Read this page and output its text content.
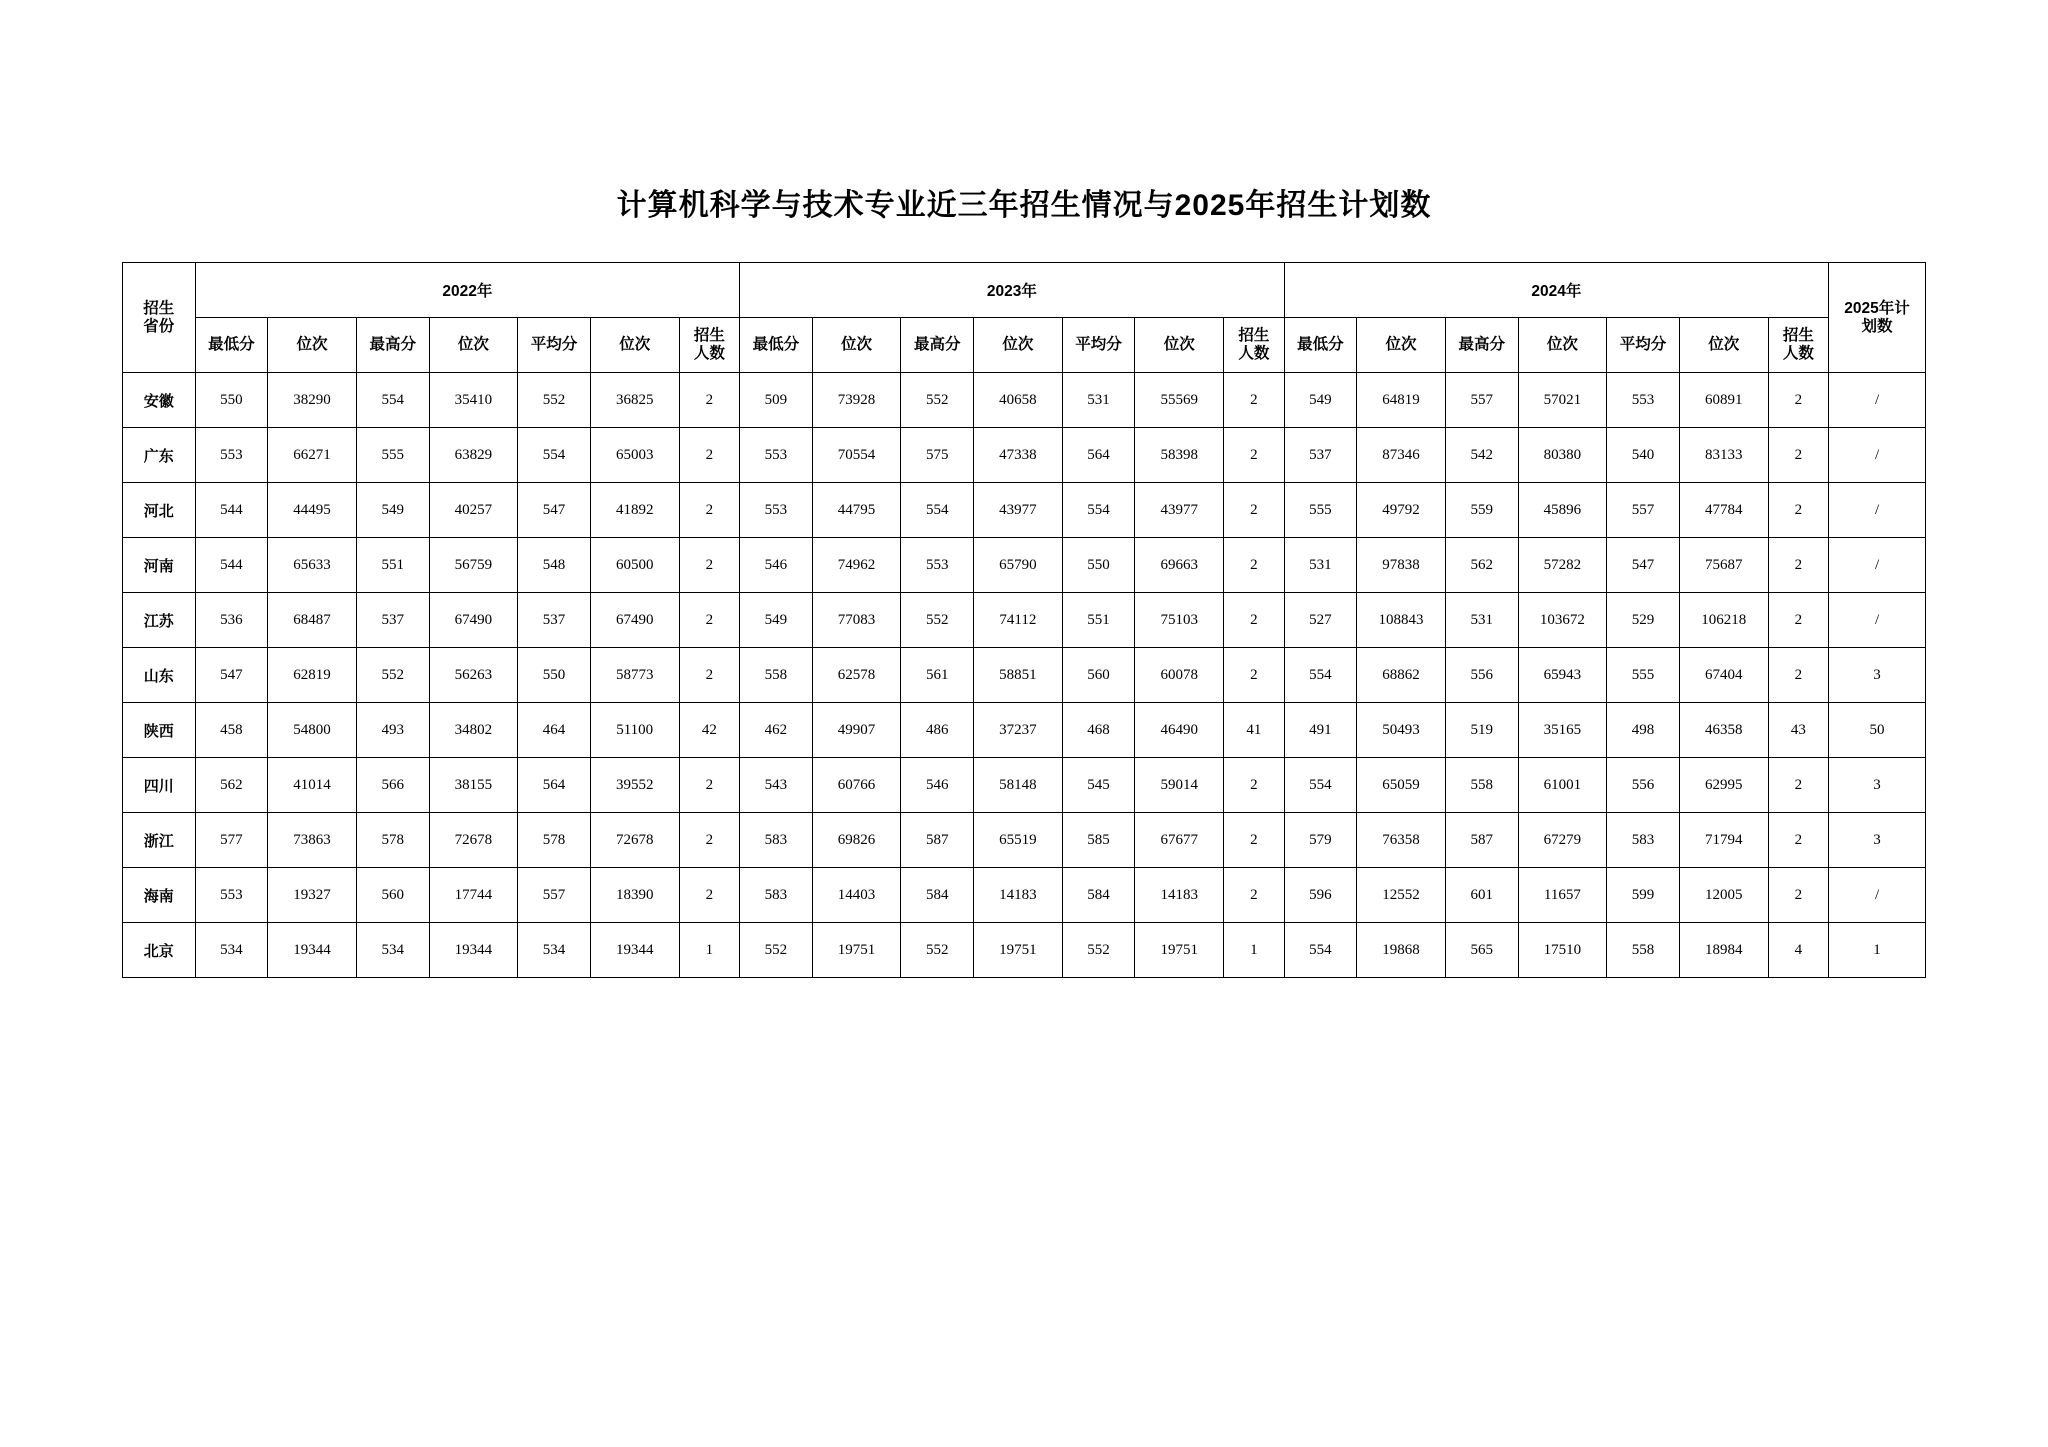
计算机科学与技术专业近三年招生情况与2025年招生计划数
招生
省份	2022年							2023年							2024年							2025年计
划数

	最低分	位次	最高分	位次	平均分	位次	招生
人数	最低分	位次	最高分	位次	平均分	位次	招生
人数	最低分	位次	最高分	位次	平均分	位次	招生
人数	

安徽	550	38290	554	35410	552	36825	2	509	73928	552	40658	531	55569	2	549	64819	557	57021	553	60891	2	/
广东	553	66271	555	63829	554	65003	2	553	70554	575	47338	564	58398	2	537	87346	542	80380	540	83133	2	/
河北	544	44495	549	40257	547	41892	2	553	44795	554	43977	554	43977	2	555	49792	559	45896	557	47784	2	/
河南	544	65633	551	56759	548	60500	2	546	74962	553	65790	550	69663	2	531	97838	562	57282	547	75687	2	/
江苏	536	68487	537	67490	537	67490	2	549	77083	552	74112	551	75103	2	527	108843	531	103672	529	106218	2	/
山东	547	62819	552	56263	550	58773	2	558	62578	561	58851	560	60078	2	554	68862	556	65943	555	67404	2	3
陕西	458	54800	493	34802	464	51100	42	462	49907	486	37237	468	46490	41	491	50493	519	35165	498	46358	43	50
四川	562	41014	566	38155	564	39552	2	543	60766	546	58148	545	59014	2	554	65059	558	61001	556	62995	2	3
浙江	577	73863	578	72678	578	72678	2	583	69826	587	65519	585	67677	2	579	76358	587	67279	583	71794	2	3
海南	553	19327	560	17744	557	18390	2	583	14403	584	14183	584	14183	2	596	12552	601	11657	599	12005	2	/
北京	534	19344	534	19344	534	19344	1	552	19751	552	19751	552	19751	1	554	19868	565	17510	558	18984	4	1
